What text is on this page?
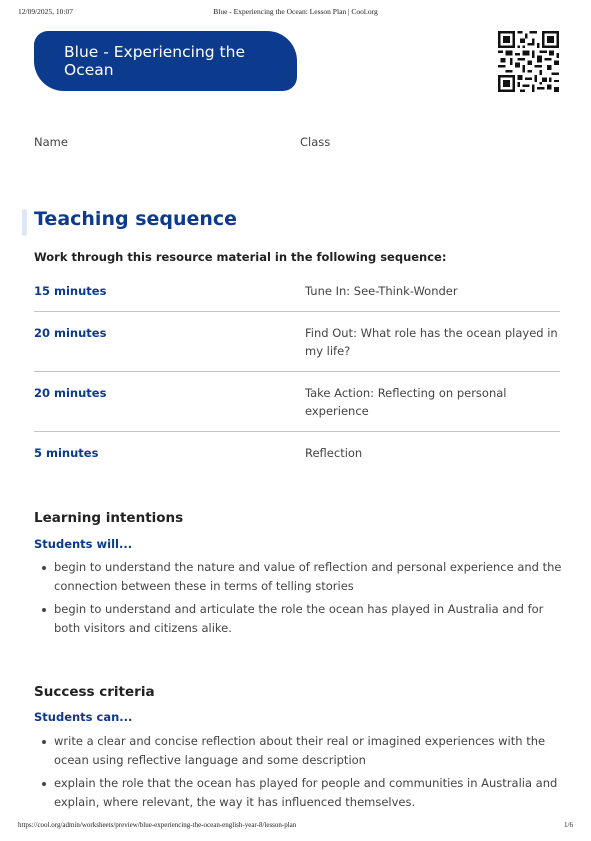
12/09/2025, 10:07	Blue - Experiencing the Ocean: Lesson Plan | Cool.org
Blue - Experiencing the
Ocean
Name	Class
Teaching sequence

Work through this resource material in the following sequence:

15 minutes	Tune In: See-Think-Wonder
20 minutes	Find Out: What role has the ocean played in my life?
20 minutes	Take Action: Reflecting on personal experience
5 minutes	Reflection
Learning intentions
Students will...
begin to understand the nature and value of reflection and personal experience and the connection between these in terms of telling stories
begin to understand and articulate the role the ocean has played in Australia and for both visitors and citizens alike.
Success criteria
Students can...
write a clear and concise reflection about their real or imagined experiences with the ocean using reflective language and some description
explain the role that the ocean has played for people and communities in Australia and explain, where relevant, the way it has influenced themselves.
https://cool.org/admin/worksheets/preview/blue-experiencing-the-ocean-english-year-8/lesson-plan	1/6
